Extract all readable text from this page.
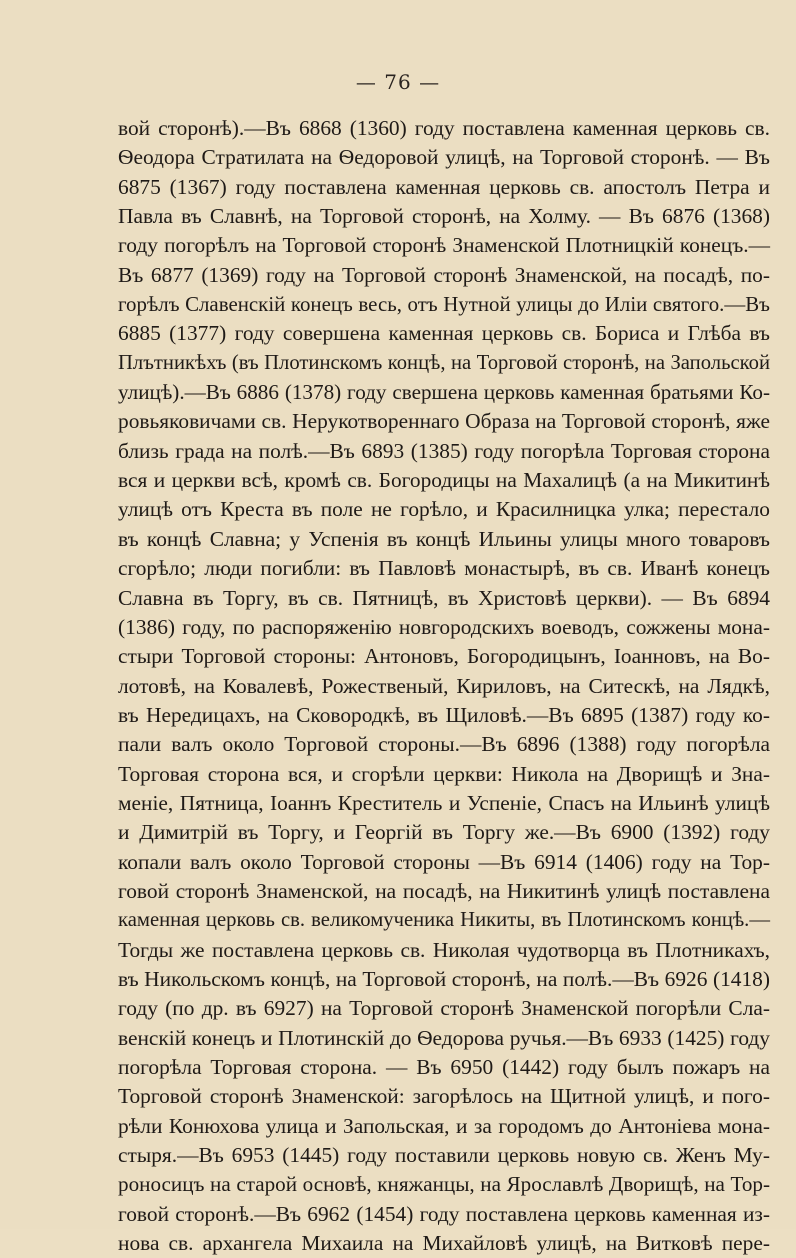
— 76 —
вой сторонѣ).—Въ 6868 (1360) году поставлена каменная церковь св.
Ѳеодора Стратилата на Ѳедоровой улицѣ, на Торговой сторонѣ. — Въ
6875 (1367) году поставлена каменная церковь св. апостолъ Петра и
Павла въ Славнѣ, на Торговой сторонѣ, на Холму. — Въ 6876 (1368)
году погорѣлъ на Торговой сторонѣ Знаменской Плотницкій конецъ.—
Въ 6877 (1369) году на Торговой сторонѣ Знаменской, на посадѣ, по-
горѣлъ Славенскій конецъ весь, отъ Нутной улицы до Иліи святого.—Въ
6885 (1377) году совершена каменная церковь св. Бориса и Глѣба въ
Плътникѣхъ (въ Плотинскомъ концѣ, на Торговой сторонѣ, на Запольской
улицѣ).—Въ 6886 (1378) году свершена церковь каменная братьями Ко-
ровьяковичами св. Нерукотвореннаго Образа на Торговой сторонѣ, яже
близь града на полѣ.—Въ 6893 (1385) году погорѣла Торговая сторона
вся и церкви всѣ, кромѣ св. Богородицы на Махалицѣ (а на Микитинѣ
улицѣ отъ Креста въ поле не горѣло, и Красилницка улка; перестало
въ концѣ Славна; у Успенія въ концѣ Ильины улицы много товаровъ
сгорѣло; люди погибли: въ Павловѣ монастырѣ, въ св. Иванѣ конецъ
Славна въ Торгу, въ св. Пятницѣ, въ Христовѣ церкви). — Въ 6894
(1386) году, по распоряженію новгородскихъ воеводъ, сожжены мона-
стыри Торговой стороны: Антоновъ, Богородицынъ, Іоанновъ, на Во-
лотовѣ, на Ковалевѣ, Рожественый, Кириловъ, на Ситескѣ, на Лядкѣ,
въ Нередицахъ, на Сковородкѣ, въ Щиловѣ.—Въ 6895 (1387) году ко-
пали валъ около Торговой стороны.—Въ 6896 (1388) году погорѣла
Торговая сторона вся, и сгорѣли церкви: Никола на Дворищѣ и Зна-
меніе, Пятница, Іоаннъ Креститель и Успеніе, Спасъ на Ильинѣ улицѣ
и Димитрій въ Торгу, и Георгій въ Торгу же.—Въ 6900 (1392) году
копали валъ около Торговой стороны —Въ 6914 (1406) году на Тор-
говой сторонѣ Знаменской, на посадѣ, на Никитинѣ улицѣ поставлена
каменная церковь св. великомученика Никиты, въ Плотинскомъ концѣ.—
Тогды же поставлена церковь св. Николая чудотворца въ Плотникахъ,
въ Никольскомъ концѣ, на Торговой сторонѣ, на полѣ.—Въ 6926 (1418)
году (по др. въ 6927) на Торговой сторонѣ Знаменской погорѣли Сла-
венскій конецъ и Плотинскій до Ѳедорова ручья.—Въ 6933 (1425) году
погорѣла Торговая сторона. — Въ 6950 (1442) году былъ пожаръ на
Торговой сторонѣ Знаменской: загорѣлось на Щитной улицѣ, и пого-
рѣли Конюхова улица и Запольская, и за городомъ до Антоніева мона-
стыря.—Въ 6953 (1445) году поставили церковь новую св. Женъ Му-
роносицъ на старой основѣ, княжанцы, на Ярославлѣ Дворищѣ, на Тор-
говой сторонѣ.—Въ 6962 (1454) году поставлена церковь каменная из-
нова св. архангела Михаила на Михайловѣ улицѣ, на Витковѣ пере-
